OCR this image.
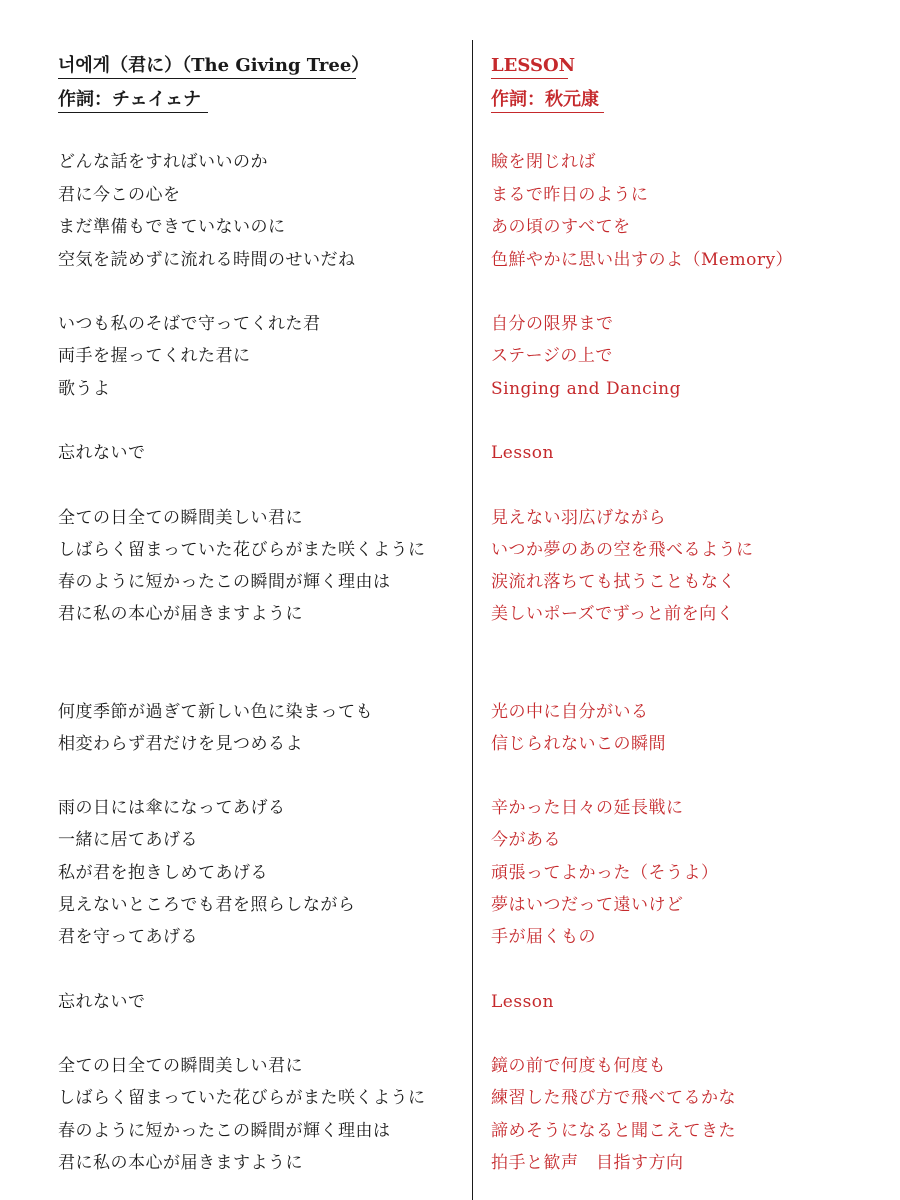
너에게（君に）（The Giving Tree）
作詞：チェイェナ
どんな話をすればいいのか
君に今この心を
まだ準備もできていないのに
空気を読めずに流れる時間のせいだね
いつも私のそばで守ってくれた君
両手を握ってくれた君に
歌うよ
忘れないで
全ての日全ての瞬間美しい君に
しばらく留まっていた花びらがまた咲くように
春のように短かったこの瞬間が輝く理由は
君に私の本心が届きますように
何度季節が過ぎて新しい色に染まっても
相変わらず君だけを見つめるよ
雨の日には傘になってあげる
一緒に居てあげる
私が君を抱きしめてあげる
見えないところでも君を照らしながら
君を守ってあげる
忘れないで
全ての日全ての瞬間美しい君に
しばらく留まっていた花びらがまた咲くように
春のように短かったこの瞬間が輝く理由は
君に私の本心が届きますように
LESSON
作詞：秋元康
瞼を閉じれば
まるで昨日のように
あの頃のすべてを
色鮮やかに思い出すのよ（Memory）
自分の限界まで
ステージの上で
Singing and Dancing
Lesson
見えない羽広げながら
いつか夢のあの空を飛べるように
涙流れ落ちても拭うこともなく
美しいポーズでずっと前を向く
光の中に自分がいる
信じられないこの瞬間
辛かった日々の延長戦に
今がある
頑張ってよかった（そうよ）
夢はいつだって遠いけど
手が届くもの
Lesson
鏡の前で何度も何度も
練習した飛び方で飛べてるかな
諦めそうになると聞こえてきた
拍手と歓声　目指す方向
